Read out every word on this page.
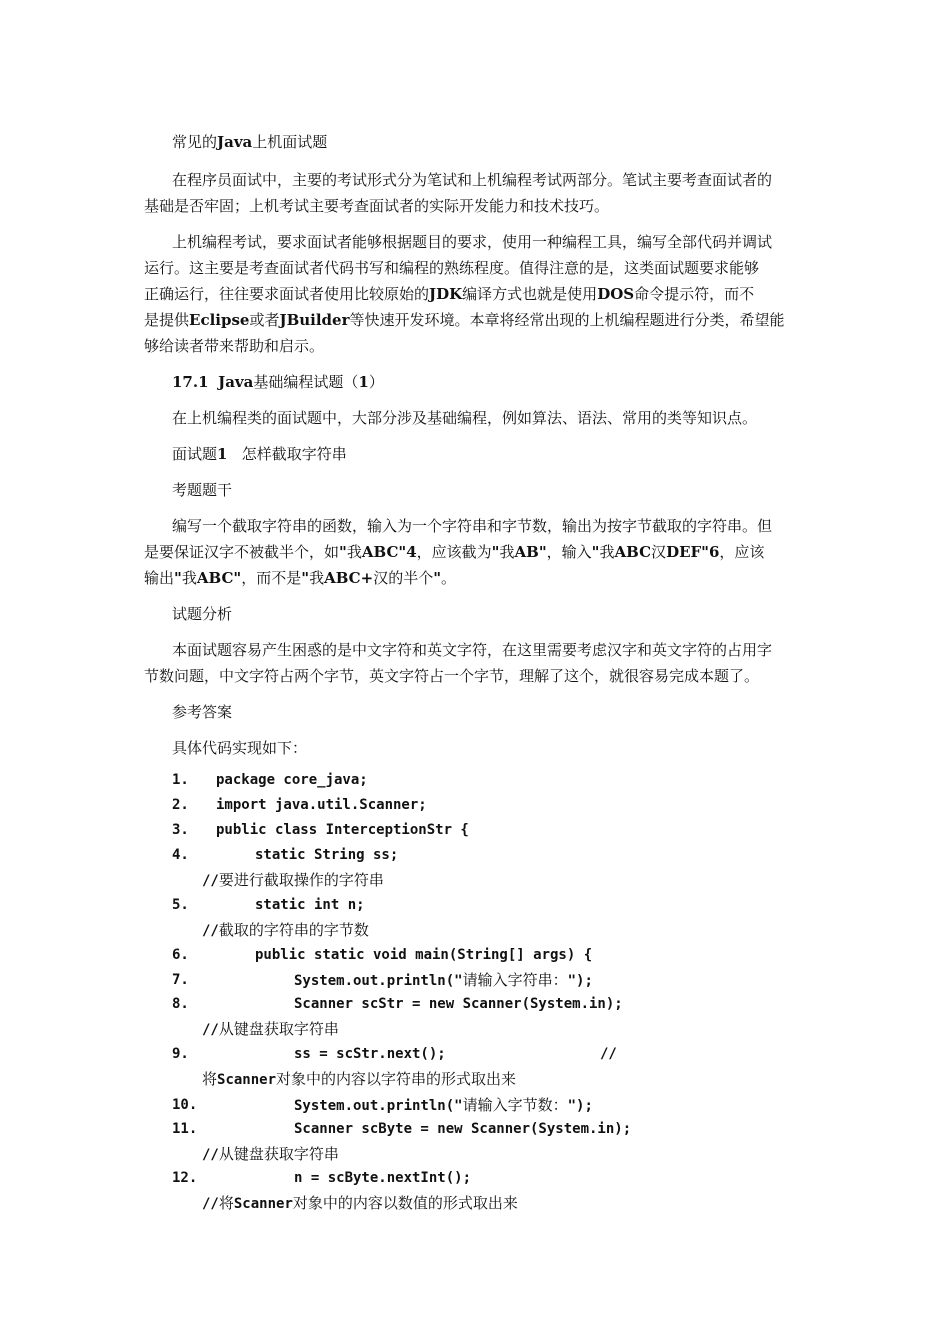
常见的Java上机面试题
在程序员面试中，主要的考试形式分为笔试和上机编程考试两部分。笔试主要考查面试者的
基础是否牢固；上机考试主要考查面试者的实际开发能力和技术技巧。
上机编程考试，要求面试者能够根据题目的要求，使用一种编程工具，编写全部代码并调试
运行。这主要是考查面试者代码书写和编程的熟练程度。值得注意的是，这类面试题要求能够
正确运行，往往要求面试者使用比较原始的JDK编译方式也就是使用DOS命令提示符，而不
是提供Eclipse或者JBuilder等快速开发环境。本章将经常出现的上机编程题进行分类，希望能
够给读者带来帮助和启示。
17.1 Java基础编程试题（1）
在上机编程类的面试题中，大部分涉及基础编程，例如算法、语法、常用的类等知识点。
面试题1 怎样截取字符串
考题题干
编写一个截取字符串的函数，输入为一个字符串和字节数，输出为按字节截取的字符串。但
是要保证汉字不被截半个，如"我ABC"4，应该截为"我AB"，输入"我ABC汉DEF"6，应该
输出"我ABC"，而不是"我ABC+汉的半个"。
试题分析
本面试题容易产生困惑的是中文字符和英文字符，在这里需要考虑汉字和英文字符的占用字
节数问题，中文字符占两个字节，英文字符占一个字节，理解了这个，就很容易完成本题了。
参考答案
具体代码实现如下：
1. package core_java;
2. import java.util.Scanner;
3. public class InterceptionStr {
4.	static String ss;
//要进行截取操作的字符串
5.	static int n;
//截取的字符串的字节数
6.	public static void main(String[] args) {
7.	System.out.println("请输入字符串：");
8.	Scanner scStr = new Scanner(System.in);
//从键盘获取字符串
9.	ss = scStr.next();	//
将Scanner对象中的内容以字符串的形式取出来
10.	System.out.println("请输入字节数：");
11.	Scanner scByte = new Scanner(System.in);
//从键盘获取字符串
12.	n = scByte.nextInt();
//将Scanner对象中的内容以数值的形式取出来
